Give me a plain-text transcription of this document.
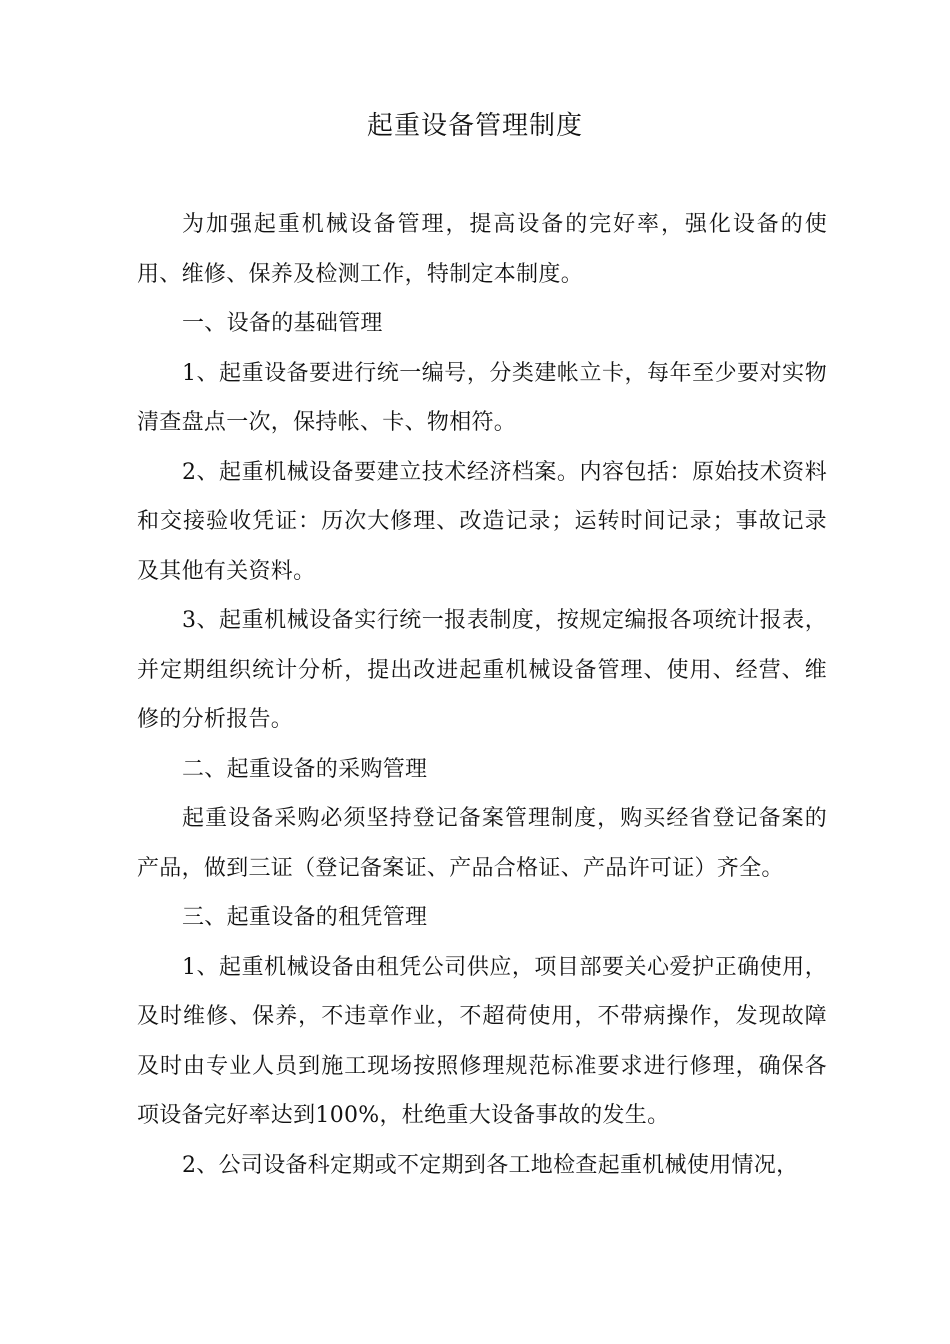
起重设备管理制度

为加强起重机械设备管理，提高设备的完好率，强化设备的使用、维修、保养及检测工作，特制定本制度。

一、设备的基础管理

1、起重设备要进行统一编号，分类建帐立卡，每年至少要对实物清查盘点一次，保持帐、卡、物相符。

2、起重机械设备要建立技术经济档案。内容包括：原始技术资料和交接验收凭证：历次大修理、改造记录；运转时间记录；事故记录及其他有关资料。

3、起重机械设备实行统一报表制度，按规定编报各项统计报表，并定期组织统计分析，提出改进起重机械设备管理、使用、经营、维修的分析报告。

二、起重设备的采购管理

起重设备采购必须坚持登记备案管理制度，购买经省登记备案的产品，做到三证（登记备案证、产品合格证、产品许可证）齐全。

三、起重设备的租凭管理

1、起重机械设备由租凭公司供应，项目部要关心爱护正确使用，及时维修、保养，不违章作业，不超荷使用，不带病操作，发现故障及时由专业人员到施工现场按照修理规范标准要求进行修理，确保各项设备完好率达到100%，杜绝重大设备事故的发生。

2、公司设备科定期或不定期到各工地检查起重机械使用情况，
